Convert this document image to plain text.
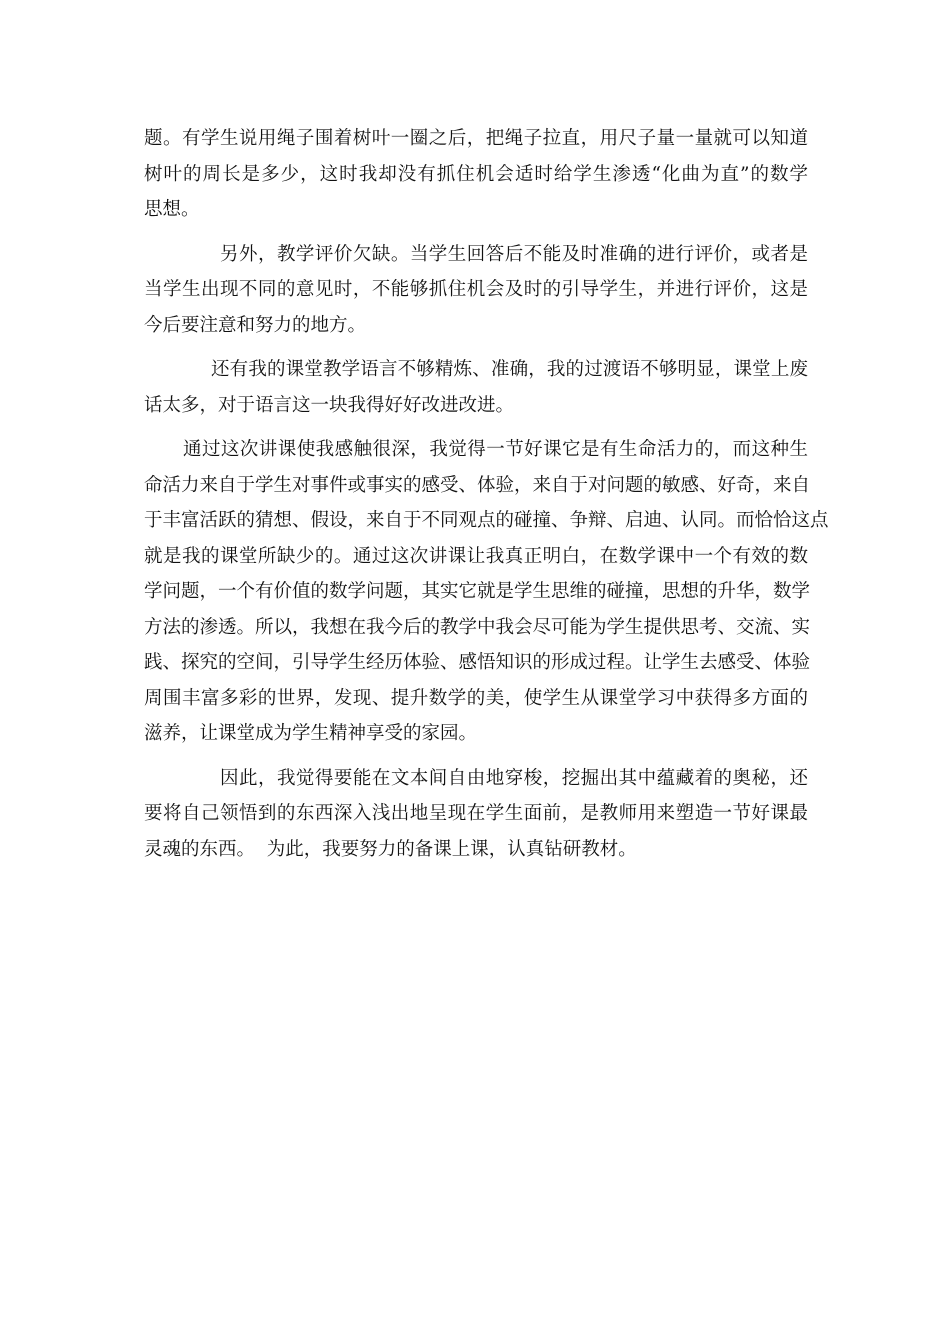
题。有学生说用绳子围着树叶一圈之后，把绳子拉直，用尺子量一量就可以知道
树叶的周长是多少，这时我却没有抓住机会适时给学生渗透“化曲为直”的数学
思想。
另外，教学评价欠缺。当学生回答后不能及时准确的进行评价，或者是
当学生出现不同的意见时，不能够抓住机会及时的引导学生，并进行评价，这是
今后要注意和努力的地方。
还有我的课堂教学语言不够精炼、准确，我的过渡语不够明显，课堂上废
话太多，对于语言这一块我得好好改进改进。
通过这次讲课使我感触很深，我觉得一节好课它是有生命活力的，而这种生
命活力来自于学生对事件或事实的感受、体验，来自于对问题的敏感、好奇，来自
于丰富活跃的猜想、假设，来自于不同观点的碰撞、争辩、启迪、认同。而恰恰这点
就是我的课堂所缺少的。通过这次讲课让我真正明白，在数学课中一个有效的数
学问题，一个有价值的数学问题，其实它就是学生思维的碰撞，思想的升华，数学
方法的渗透。所以，我想在我今后的教学中我会尽可能为学生提供思考、交流、实
践、探究的空间，引导学生经历体验、感悟知识的形成过程。让学生去感受、体验
周围丰富多彩的世界，发现、提升数学的美，使学生从课堂学习中获得多方面的
滋养，让课堂成为学生精神享受的家园。
因此，我觉得要能在文本间自由地穿梭，挖掘出其中蕴藏着的奥秘，还
要将自己领悟到的东西深入浅出地呈现在学生面前，是教师用来塑造一节好课最
灵魂的东西。  为此，我要努力的备课上课，认真钻研教材。
